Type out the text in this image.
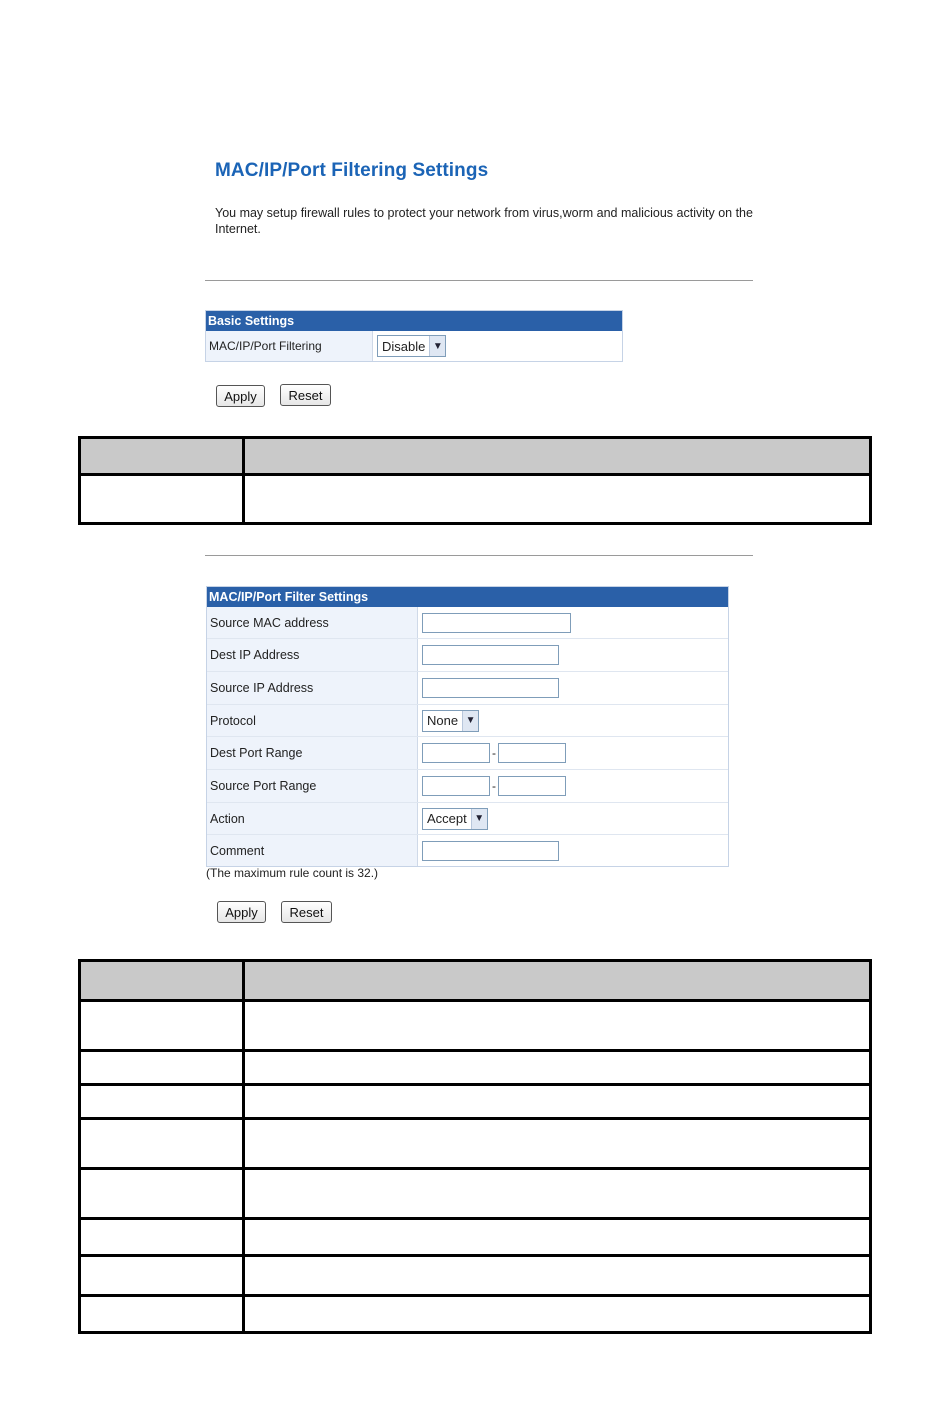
MAC/IP/Port Filtering Settings
You may setup firewall rules to protect your network from virus,worm and malicious activity on the Internet.
Basic Settings
MAC/IP/Port Filtering	Disable ▼
Apply	Reset
MAC/IP/Port Filter Settings
Source MAC address
Dest IP Address
Source IP Address
Protocol	None ▼
Dest Port Range	-
Source Port Range	-
Action	Accept ▼
Comment
(The maximum rule count is 32.)
Apply	Reset
